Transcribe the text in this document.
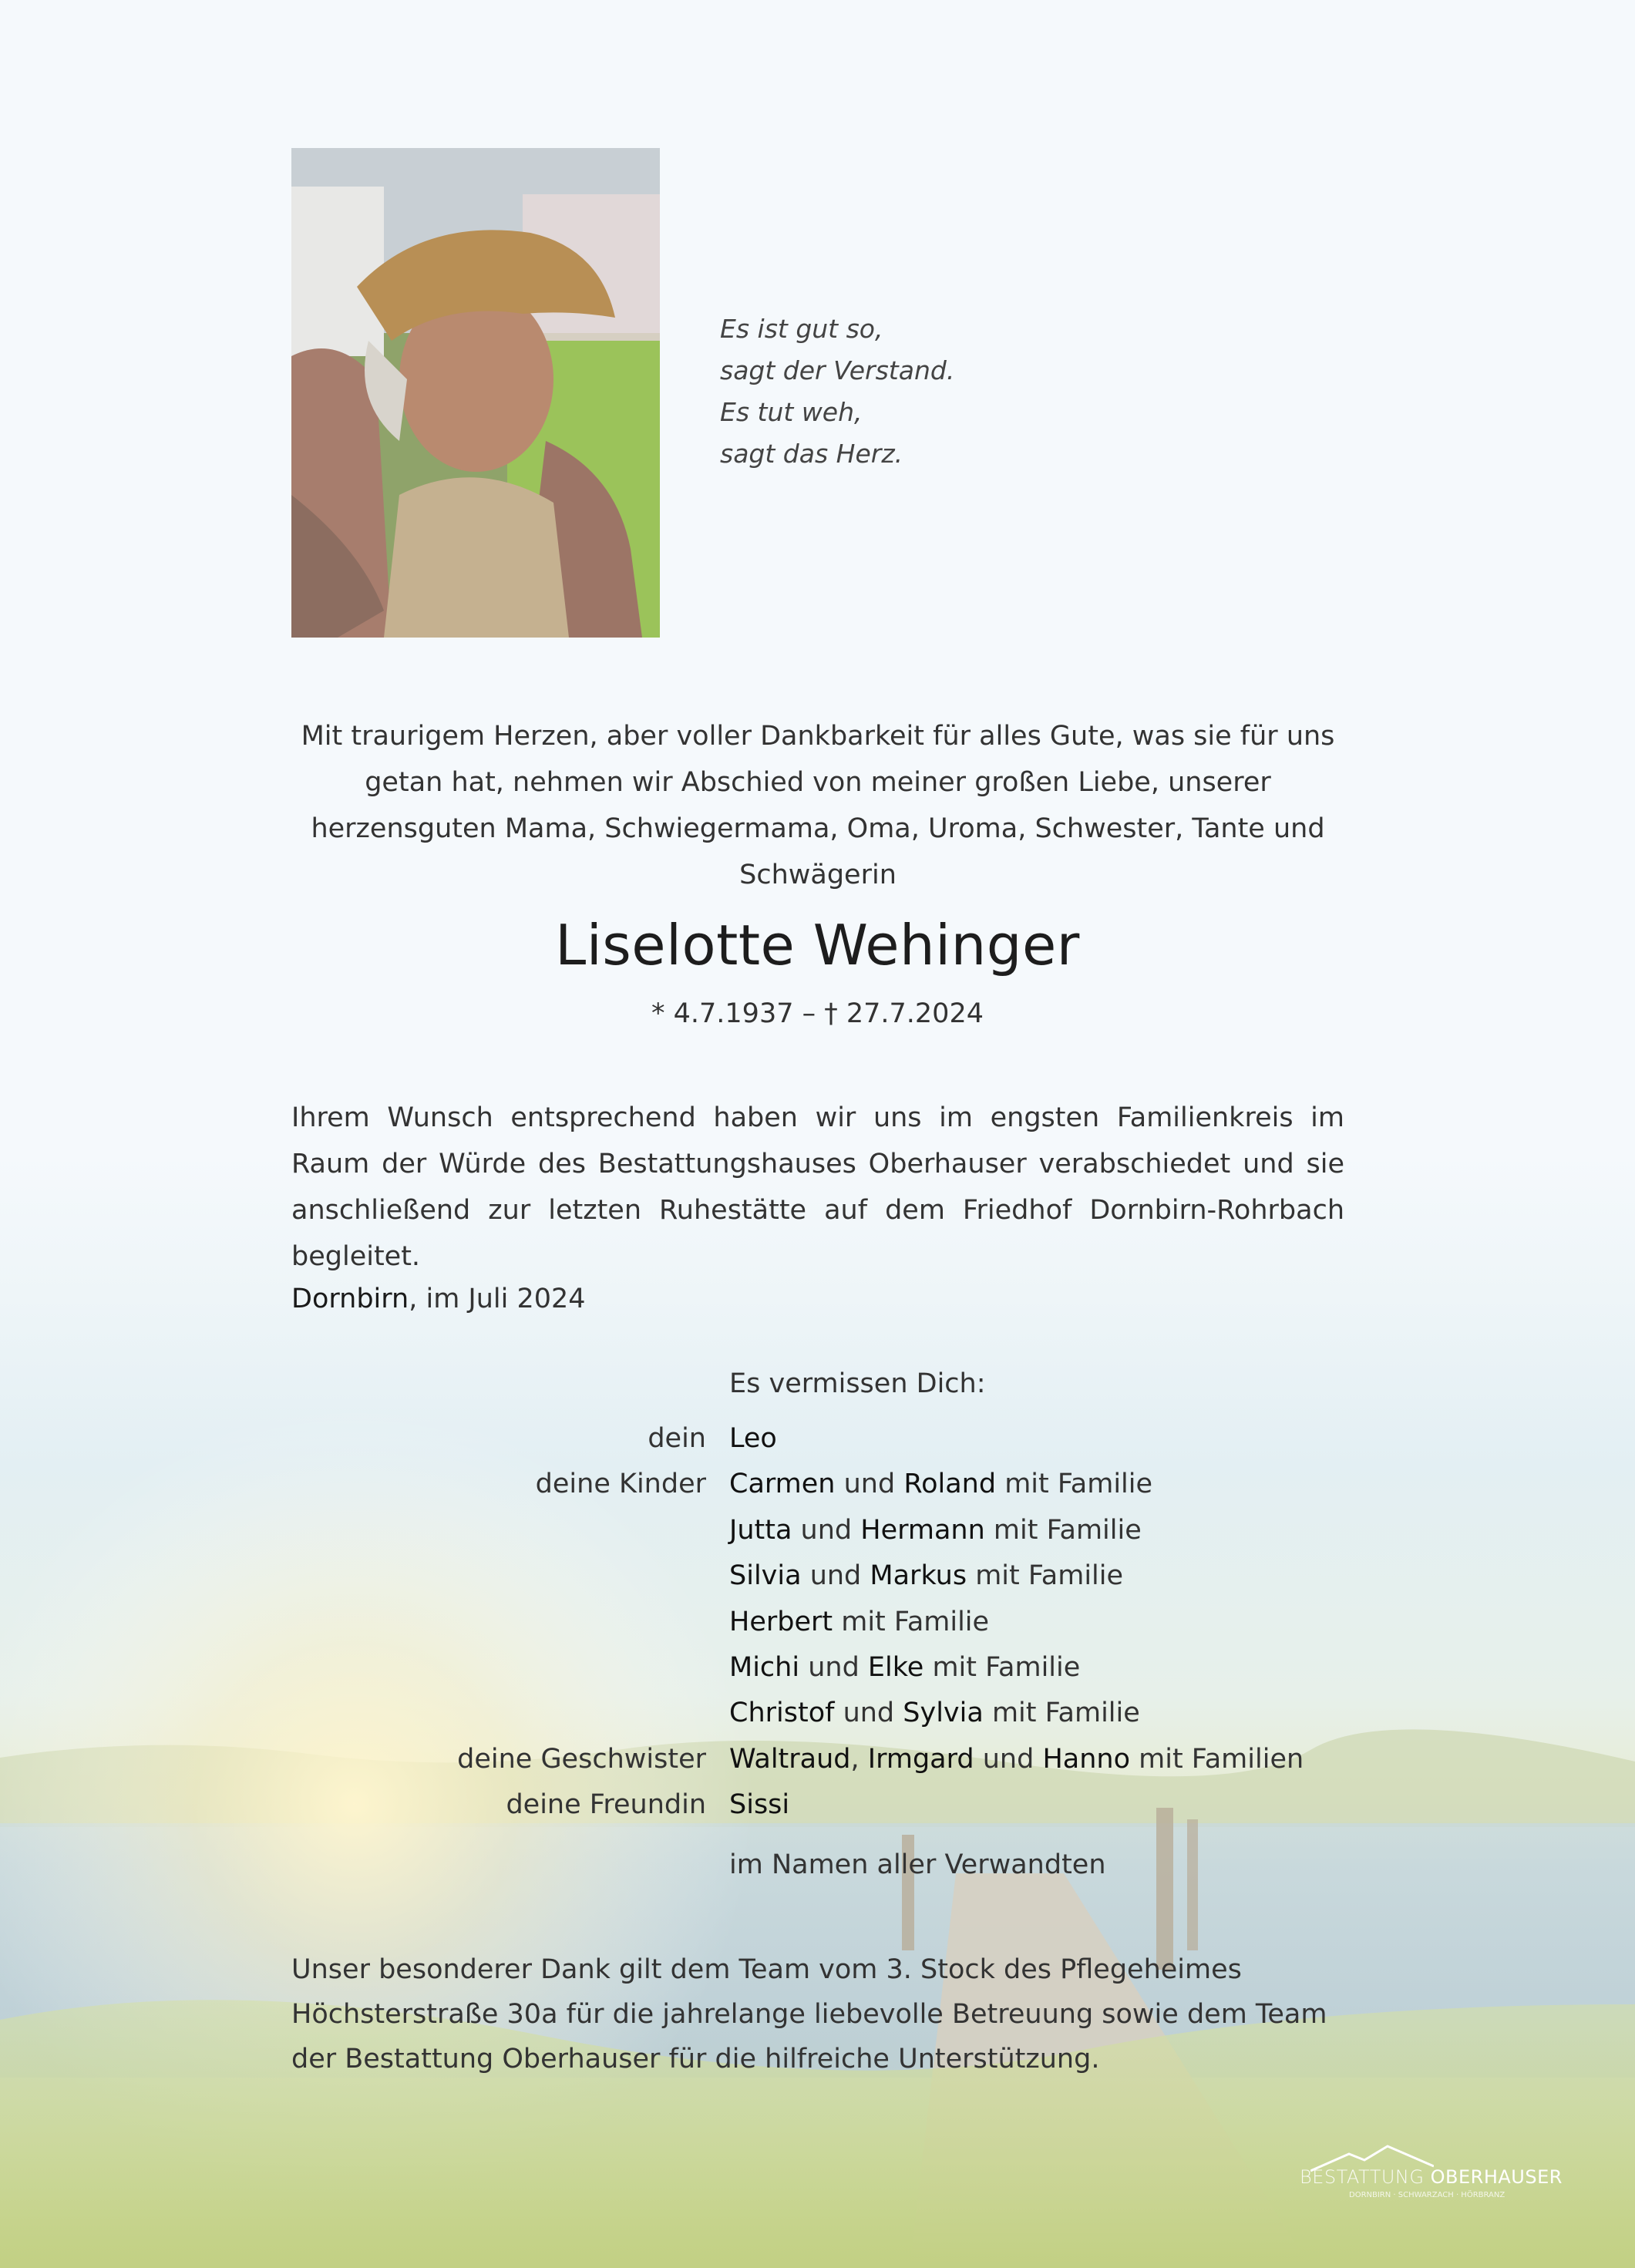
Es ist gut so,
sagt der Verstand.
Es tut weh,
sagt das Herz.
Mit traurigem Herzen, aber voller Dankbarkeit für alles Gute, was sie für uns getan hat, nehmen wir Abschied von meiner großen Liebe, unserer herzensguten Mama, Schwiegermama, Oma, Uroma, Schwester, Tante und Schwägerin
Liselotte Wehinger
* 4.7.1937 – † 27.7.2024
Ihrem Wunsch entsprechend haben wir uns im engsten Familienkreis im Raum der Würde des Bestattungshauses Oberhauser verabschiedet und sie anschließend zur letzten Ruhestätte auf dem Friedhof Dornbirn-Rohrbach begleitet.
Dornbirn, im Juli 2024
Es vermissen Dich:
dein Leo
deine Kinder Carmen und Roland mit Familie
Jutta und Hermann mit Familie
Silvia und Markus mit Familie
Herbert mit Familie
Michi und Elke mit Familie
Christof und Sylvia mit Familie
deine Geschwister Waltraud, Irmgard und Hanno mit Familien
deine Freundin Sissi
im Namen aller Verwandten
Unser besonderer Dank gilt dem Team vom 3. Stock des Pflegeheimes Höchsterstraße 30a für die jahrelange liebevolle Betreuung sowie dem Team der Bestattung Oberhauser für die hilfreiche Unterstützung.
BESTATTUNG OBERHAUSER
DORNBIRN · SCHWARZACH · HÖRBRANZ
